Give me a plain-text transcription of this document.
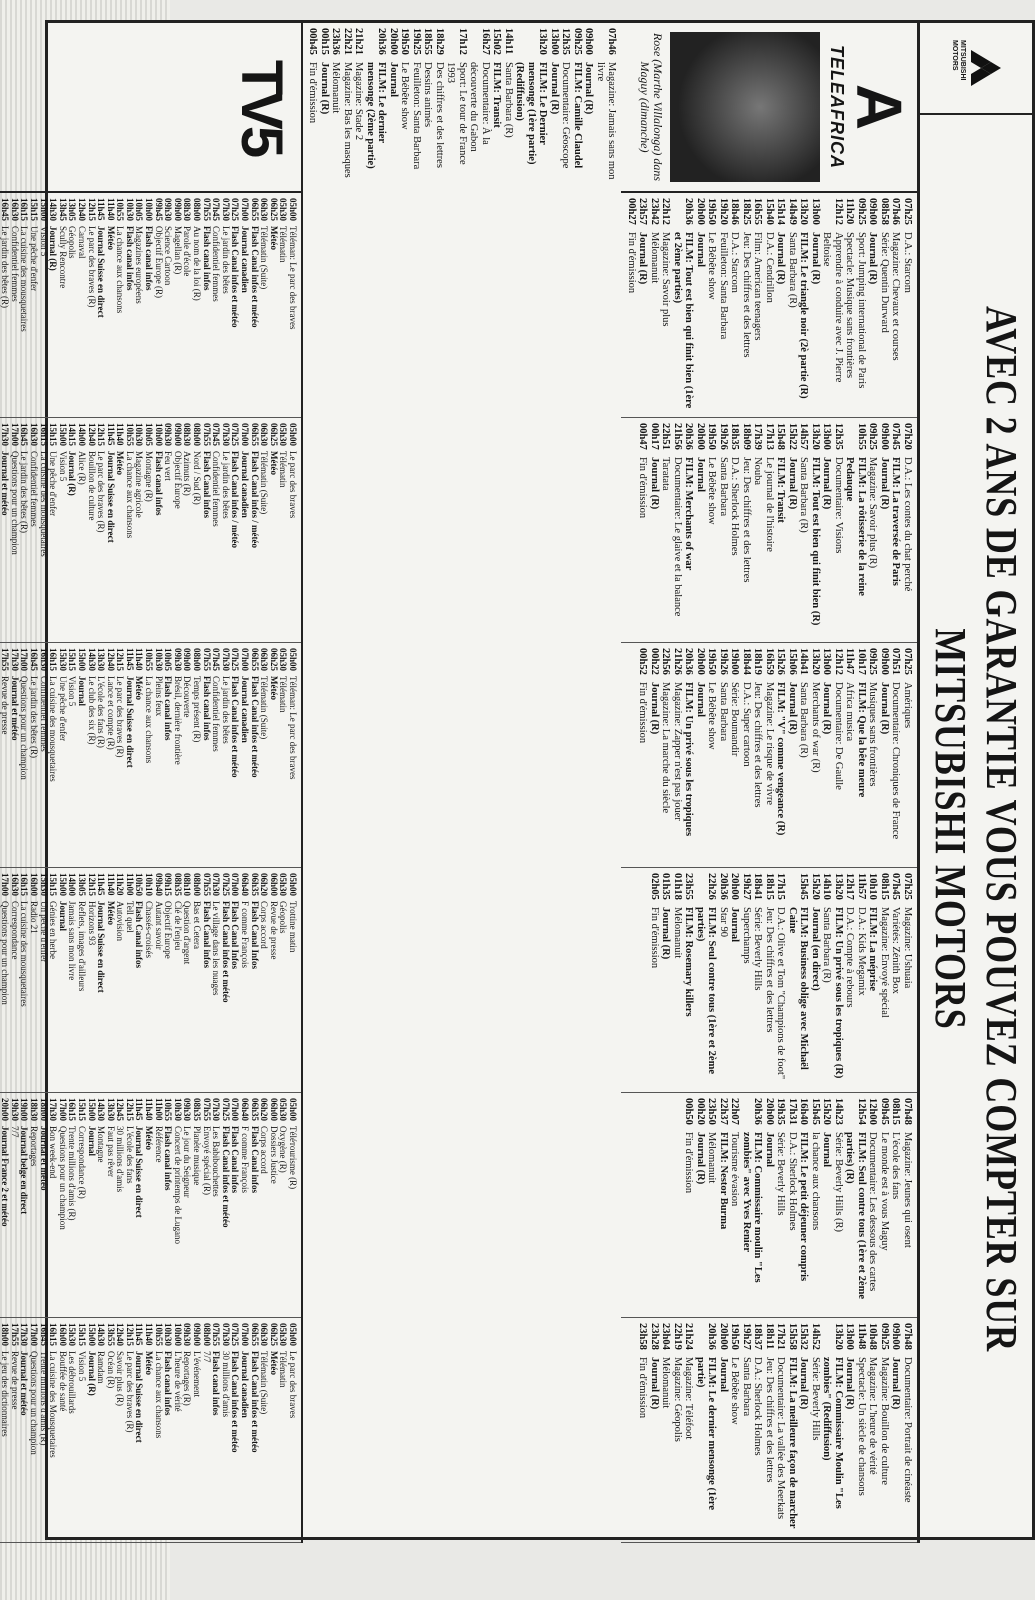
MITSUBISHI MOTORS
AVEC 2 ANS DE GARANTIE VOUS POUVEZ COMPTER SUR MITSUBISHI MOTORS
A
TELEAFRICA
Rose (Marthe Villalonga) dans Maguy (dimanche)
07h25
D.A.: Starcom
07h46
Magazine: Chevaux et courses
08h58
Série: Quentin Durward
09h00
Journal (R)
09h25
Sport: Jumping international de Paris
11h20
Spectacle: Musique sans frontières
12h12
Apprendre à conduire avec J. Pierre Beltoise
13h00
Journal (R)
13h20
FILM: Le triangle noir (2è partie (R)
14h49
Santa Barbara (R)
15h14
Journal (R)
15h40
D.A.: Cendrillon
16h55
Film: American teenagers
18h25
Jeu: Des chiffres et des lettres
18h46
D.A.: Starcom
19h20
Feuilleton: Santa Barbara
19h50
Le Bébête show
20h00
Journal
20h36
FILM: Tout est bien qui finit bien (1ère et 2ème parties)
22h12
Magazine: Savoir plus
23h42
Mélomanuit
23h57
Journal (R)
00h27
Fin d'émission
07h20
D.A.: Les contes du chat perché
07h45
FILM: La traversée de Paris
09h00
Journal (R)
09h25
Magazine: Savoir plus (R)
10h55
FILM: La rôtisserie de la reine Pedauque
12h35
Documentaire: Visions
13h00
Journal (R)
13h20
FILM: Tout est bien qui finit bien (R)
14h57
Santa Barbara (R)
15h22
Journal (R)
15h48
FILM: Transit
17h13
Le journal de l'histoire
17h39
Nouba
18h09
Jeu: Des chiffres et des lettres
18h35
D.A.: Sherlock Holmes
19h26
Santa Barbara
19h50
Le Bébête show
20h00
Journal
20h36
FILM: Merchants of war
21h56
Documentaire: Le glaive et la balance
22h51
Taratata
00h17
Journal (R)
00h47
Fin d'émission
07h25
Amériques
07h51
Documentaire: Chroniques de France
09h00
Journal (R)
09h25
Musiques sans frontières
10h17
FILM: Que la bête meure
11h47
Africa musica
12h12
Documentaire: De Gaulle
13h00
Journal (R)
13h20
Merchants of war (R)
14h41
Santa Barbara (R)
15h06
Journal (R)
15h26
FILM: "V" comme vengeance (R)
16h59
Magazine: Le risque de vivre
18h19
Jeu: Des chiffres et des lettres
18h44
D.A.: Super cartoon
19h00
Série: Boumandir
19h26
Santa Barbara
19h50
Le Bébête show
20h00
Journal
20h36
FILM: Un privé sous les tropiques
21h26
Magazine: Zapper n'est pas jouer
22h56
Magazine: La marche du siècle
00h22
Journal (R)
00h52
Fin d'émission
07h25
Magazine: Ushuaia
07h45
Variétés: Zénith Box
08h15
Magazine: Envoyé spécial
10h10
FILM: La méprise
11h57
D.A.: Kids Megamix
12h17
D.A.: Compte à rebours
13h20
FILM: Un privé sous les tropiques (R)
14h10
Santa Barbara (R)
15h20
Journal (en direct)
15h45
FILM: Business oblige avec Michaël Caine
17h15
D.A.: Olive et Tom "Champions de foot"
18h15
Jeu: Des chiffres et des lettres
18h41
Série: Beverly Hills
19h27
Superchamps
20h00
Journal
20h36
Star 90
22h26
FILM: Seul contre tous (1ère et 2ème parties)
23h55
FILM: Rosemary killers
01h18
Mélomanuit
01h35
Journal (R)
02h05
Fin d'émission
07h48
Magazine: Jeunes qui osent
08h15
L'école des fans
09h45
Le monde est à vous Maguy
12h00
Documentaire: Les dessous des cartes
12h54
FILM: Seul contre tous (1ère et 2ème parties) (R)
14h23
Série: Beverly Hills (R)
15h20
Journal
15h45
la chance aux chansons
16h40
FILM: Le petit déjeuner compris
17h31
D.A.: Sherlock Holmes
19h35
Série: Beverly Hills
20h00
Journal
20h36
FILM: Commissaire moulin "Les zombies" avec Yves Renier
22h07
Tourisme évasion
22h37
FILM: Nestor Burma
23h50
Mélomanuit
00h20
Journal (R)
00h50
Fin d'émission
07h48
Documentaire: Portrait de cinéaste
09h00
Journal (R)
09h25
Magazine: Bouillon de culture
10h48
Magazine: L'heure de vérité
11h48
Spectacle: Un siècle de chansons
13h00
Journal (R)
13h20
FILM: Commissaire Moulin "Les zombies" (Rediffusion)
14h52
Série: Beverly Hills
15h32
Journal (R)
15h58
FILM: La meilleure façon de marcher
17h21
Documentaire: La vallée des Meerkats
18h11
Jeu: Des chiffres et des lettres
18h37
D.A.: Sherlock Holmes
19h27
Santa Barbara
19h50
Le Bébête show
20h00
Journal
20h36
FILM: Le dernier mensonge (1ère partie)
21h24
Magazine: Téléfoot
22h19
Magazine: Géopolis
23h04
Mélomanuit
23h28
Journal (R)
23h58
Fin d'émission
07h46
Magazine: Jamais sans mon livre
09h00
Journal (R)
09h25
FILM: Camille Claudel
12h35
Documentaire: Géoscope
13h00
Journal (R)
13h20
FILM: Le Dernier mensonge (1ère partie) (Rediffusion)
14h11
Santa Barbara (R)
15h02
FILM: Transit
16h27
Documentaire: À la découverte du Gabon
17h12
Sport: Le tour de France 1993
18h29
Des chiffres et des lettres
18h55
Dessins animés
19h25
Feuilleton: Santa Barbara
19h50
Le Bébête show
20h00
Journal
20h36
FILM: Le dernier mensonge (2ème partie)
21h21
Magazine: Stade 2
22h21
Magazine: Bas les masques
23h36
Mélomanuit
00h15
Journal (R)
00h45
Fin d'émission
TV5
05h00
Téléman: Le parc des braves
05h30
Télématin
06h25
Météo
06h30
Télématin (Suite)
06h55
Flash Canal infos et météo
07h00
Journal canadien
07h25
Flash Canal infos et météo
07h30
Le jardin des bêtes
07h45
Confidentiel femmes
07h55
Flash canal infos
08h00
Au nom de la loi (R)
08h30
Parole d'école
09h00
Magellan (R)
09h30
Science Cartoon
09h45
Objectif Europe (R)
10h00
Flash canal infos
10h05
Magazines européens
10h30
Flash canal infos
10h55
La chance aux chansons
11h40
Météo
11h45
Journal Suisse en direct
12h15
Le parc des braves (R)
12h40
Carnaval
13h05
Géopolis
13h45
Scully Rencontre
14h30
Journal (R)
15h00
Vision 5
15h15
Une pêche d'enfer
16h15
La cuisine des mousquetaires
16h30
Confidentiel femmes
16h45
Le jardin des bêtes (R)
05h00
Le parc des braves
05h30
Télématin
06h25
Météo
06h30
Télématin (Suite)
06h55
Flash Canal infos / météo
07h00
Journal canadien
07h25
Flash Canal infos / météo
07h30
Le jardin des bêtes
07h45
Confidentiel femmes
07h55
Flash Canal infos
08h00
Nord / Sud (R)
08h30
Azimuts (R)
09h00
Objectif Europe
09h30
Feu vert
10h00
Flash canal infos
10h05
Montagne (R)
10h30
Magazine agricole
10h55
La chance aux chansons
11h40
Météo
11h45
Journal Suisse en direct
12h15
Le parc des braves (R)
12h40
Bouillon de culture
14h00
Alice (R)
14h15
Journal (R)
15h00
Vision 5
15h15
Une pêche d'enfer
16h15
La cuisine des mousquetaires
16h30
Confidentiel femmes
16h45
Le jardin des bêtes (R)
17h00
Questions pour un champion
17h30
Journal et météo
05h00
Téléman: Le parc des braves
05h30
Télématin
06h25
Météo
06h30
Télématin (Suite)
06h55
Flash Canal infos et météo
07h00
Journal canadien
07h25
Flash Canal infos et météo
07h30
Le jardin des bêtes
07h45
Confidentiel femmes
07h55
Flash canal infos
08h00
Temps présent (R)
09h00
Découverte
09h30
Brésil, dernière frontière
10h05
Flash canal infos
10h30
Pleins feux
10h55
La chance aux chansons
11h40
Météo
11h45
Journal Suisse en direct
12h15
Le parc des braves (R)
12h40
Lance et compte (R)
13h30
L'école des fans (R)
14h30
Le club des six (R)
15h00
Journal
15h15
Vision 5
15h30
Une pêche d'enfer
16h15
La cuisine des mousquetaires
16h30
Confidentiel femmes
16h45
Le jardin des bêtes (R)
17h00
Questions pour un champion
17h30
Journal et météo
17h55
Revue de presse
05h00
Trottine matin
05h30
Géopolis
06h00
Revue de presse
06h20
Corps accord
06h35
Flash Canal Infos
06h40
F comme François
07h00
Flash Canal Infos
07h25
Flash Canal infos et météo
07h30
Le village dans les nuages
07h55
Flash Canal infos
08h00
Bas et Cetera
08h10
Question d'argent
08h35
Clé de l'enjeu
09h15
Objectif Europe
09h40
Autant savoir
10h10
Chassés-croisés
10h50
Flash Canal infos
11h00
Tell quel
11h20
Autovision
11h40
Météo
11h45
Journal Suisse en direct
12h15
Horizons 93
13h05
Reflets, images d'ailleurs
14h00
Jamais sans mon livre
15h00
Journal
15h15
Génies en herbe
15h30
Un pêche d'enfer
16h00
Radio 21
16h15
La cuisine des mousquetaires
16h30
Correspondance
17h00
Questions pour un champion
05h00
Téléтourisme (R)
05h30
Oxygène (R)
06h00
Dossiers Justice
06h20
Corps accord
06h35
Flash Canal infos
06h40
F comme François
07h00
Flash Canal infos
07h25
Flash Canal infos et météo
07h30
Les Babibouchettes
07h55
Envoyé spécial (R)
08h35
Planète musique
09h30
Le jour du Seigneur
10h30
Concert de printemps de Lugano
10h55
Flash canal infos
11h00
Référence
11h40
Météo
11h45
Journal Suisse en direct
12h15
L'école des fans
12h45
30 millions d'amis
13h30
Faut pas rêver
14h30
Montagne
15h00
Journal
15h15
Correspondance (R)
16h15
Trente millions d'amis (R)
17h00
Questions pour un champion
17h30
Bon week-end
18h00
Journal et météo
18h30
Reportages
19h00
Journal belge en direct
19h30
7/7
20h00
Journal France 2 et météo
05h00
Le parc des braves
05h30
Télématin
06h25
Météo
06h30
Télématin (Suite)
06h55
Flash Canal infos et météo
07h00
Journal canadien
07h25
Flash Canal infos et météo
07h30
30 millions d'amis
07h55
Flash canal infos
08h00
7/7
09h00
L'événement
09h30
Reportages (R)
10h00
L'heure de vérité
10h30
Flash canal infos
10h55
La chance aux chansons
11h40
Météo
11h45
Journal Suisse en direct
12h15
Le parc des braves (R)
12h40
Savoir plus (R)
13h55
Océan (R)
14h30
Ramdam
15h00
Journal (R)
15h15
Vision 5
15h30
Les débrouillards
16h00
Bouffée de santé
16h15
La cuisine des Mousquetaires
16h45
Trente millions d'amis (R)
17h00
Questions pour un champion
17h30
Journal et météo
17h55
Revue de presse
18h00
Le jeu des dictionnaires
